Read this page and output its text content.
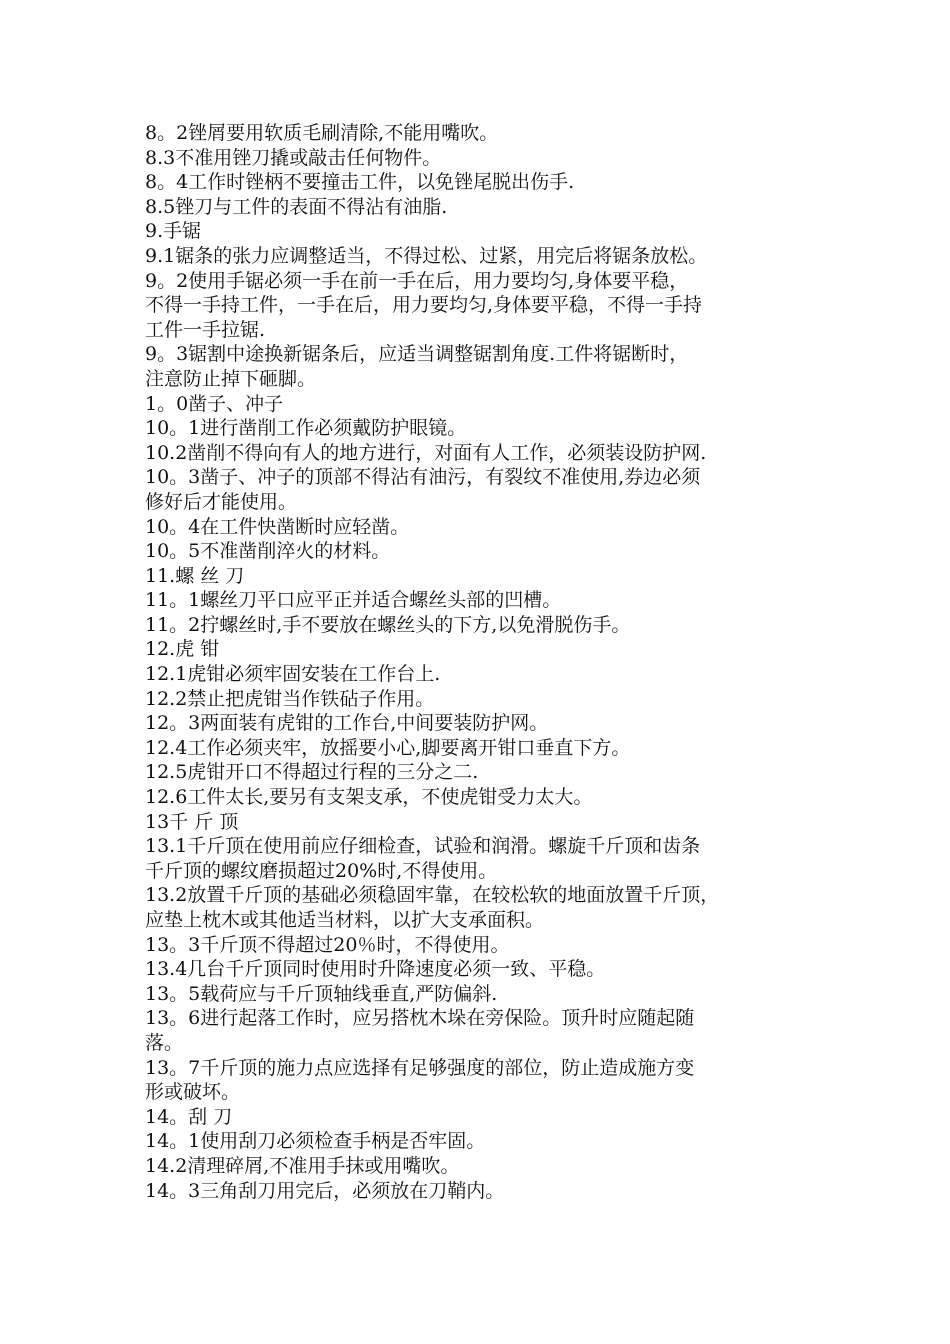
8。2锉屑要用软质毛刷清除,不能用嘴吹。
8.3不准用锉刀撬或敲击任何物件。
8。4工作时锉柄不要撞击工件，以免锉尾脱出伤手.
8.5锉刀与工件的表面不得沾有油脂.
9.手锯
9.1锯条的张力应调整适当，不得过松、过紧，用完后将锯条放松。
9。2使用手锯必须一手在前一手在后，用力要均匀,身体要平稳，
不得一手持工件，一手在后，用力要均匀,身体要平稳，不得一手持
工件一手拉锯.
9。3锯割中途换新锯条后，应适当调整锯割角度.工件将锯断时，
注意防止掉下砸脚。
1。0凿子、冲子
10。1进行凿削工作必须戴防护眼镜。
10.2凿削不得向有人的地方进行，对面有人工作，必须装设防护网.
10。3凿子、冲子的顶部不得沾有油污，有裂纹不准使用,券边必须
修好后才能使用。
10。4在工件快凿断时应轻凿。
10。5不准凿削淬火的材料。
11.螺 丝 刀
11。1螺丝刀平口应平正并适合螺丝头部的凹槽。
11。2拧螺丝时,手不要放在螺丝头的下方,以免滑脱伤手。
12.虎 钳
12.1虎钳必须牢固安装在工作台上.
12.2禁止把虎钳当作铁砧子作用。
12。3两面装有虎钳的工作台,中间要装防护网。
12.4工作必须夹牢，放摇要小心,脚要离开钳口垂直下方。
12.5虎钳开口不得超过行程的三分之二.
12.6工件太长,要另有支架支承，不使虎钳受力太大。
13千 斤 顶
13.1千斤顶在使用前应仔细检查，试验和润滑。螺旋千斤顶和齿条
千斤顶的螺纹磨损超过20%时,不得使用。
13.2放置千斤顶的基础必须稳固牢靠，在较松软的地面放置千斤顶，
应垫上枕木或其他适当材料，以扩大支承面积。
13。3千斤顶不得超过20％时，不得使用。
13.4几台千斤顶同时使用时升降速度必须一致、平稳。
13。5载荷应与千斤顶轴线垂直,严防偏斜.
13。6进行起落工作时，应另搭枕木垛在旁保险。顶升时应随起随
落。
13。7千斤顶的施力点应选择有足够强度的部位，防止造成施方变
形或破坏。
14。刮 刀
14。1使用刮刀必须检查手柄是否牢固。
14.2清理碎屑,不准用手抹或用嘴吹。
14。3三角刮刀用完后，必须放在刀鞘内。
